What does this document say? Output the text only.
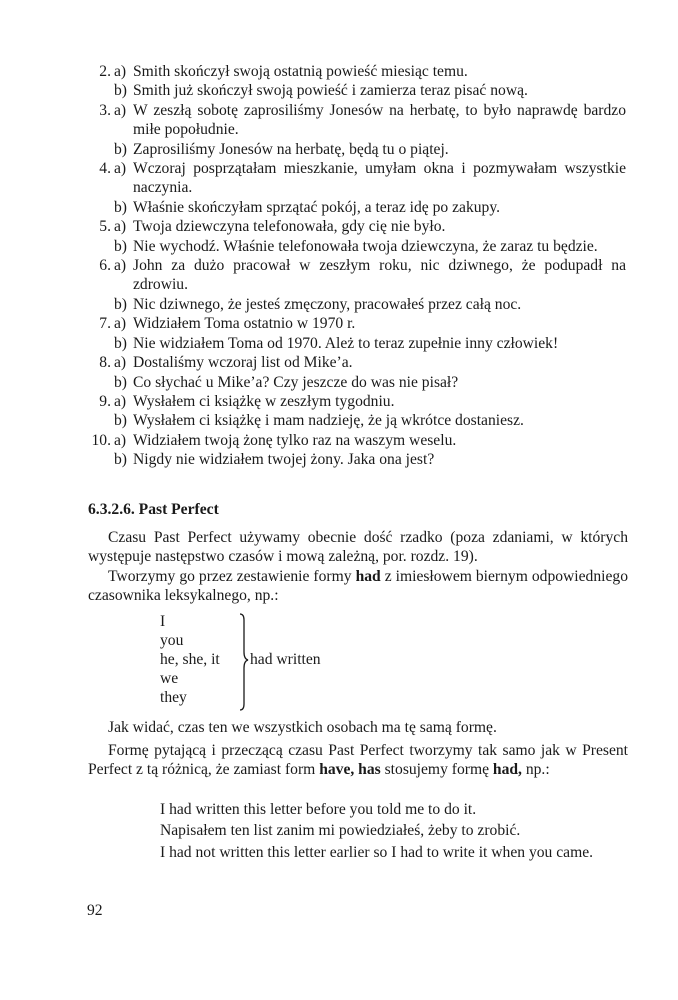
2. a) Smith skończył swoją ostatnią powieść miesiąc temu.
b) Smith już skończył swoją powieść i zamierza teraz pisać nową.
3. a) W zeszłą sobotę zaprosiliśmy Jonesów na herbatę, to było naprawdę bardzo miłe popołudnie.
b) Zaprosiliśmy Jonesów na herbatę, będą tu o piątej.
4. a) Wczoraj posprzątałam mieszkanie, umyłam okna i pozmywałam wszystkie naczynia.
b) Właśnie skończyłam sprzątać pokój, a teraz idę po zakupy.
5. a) Twoja dziewczyna telefonowała, gdy cię nie było.
b) Nie wychodź. Właśnie telefonowała twoja dziewczyna, że zaraz tu będzie.
6. a) John za dużo pracował w zeszłym roku, nic dziwnego, że podupadł na zdrowiu.
b) Nic dziwnego, że jesteś zmęczony, pracowałeś przez całą noc.
7. a) Widziałem Toma ostatnio w 1970 r.
b) Nie widziałem Toma od 1970. Ależ to teraz zupełnie inny człowiek!
8. a) Dostaliśmy wczoraj list od Mike’a.
b) Co słychać u Mike’a? Czy jeszcze do was nie pisał?
9. a) Wysłałem ci książkę w zeszłym tygodniu.
b) Wysłałem ci książkę i mam nadzieję, że ją wkrótce dostaniesz.
10. a) Widziałem twoją żonę tylko raz na waszym weselu.
b) Nigdy nie widziałem twojej żony. Jaka ona jest?
6.3.2.6. Past Perfect
Czasu Past Perfect używamy obecnie dość rzadko (poza zdaniami, w których występuje następstwo czasów i mową zależną, por. rozdz. 19).
Tworzymy go przez zestawienie formy had z imiesłowem biernym odpowiedniego czasownika leksykalnego, np.:
I
you
he, she, it
we
they
had written
Jak widać, czas ten we wszystkich osobach ma tę samą formę.
Formę pytającą i przeczącą czasu Past Perfect tworzymy tak samo jak w Present Perfect z tą różnicą, że zamiast form have, has stosujemy formę had, np.:
I had written this letter before you told me to do it.
Napisałem ten list zanim mi powiedziałeś, żeby to zrobić.
I had not written this letter earlier so I had to write it when you came.
92
